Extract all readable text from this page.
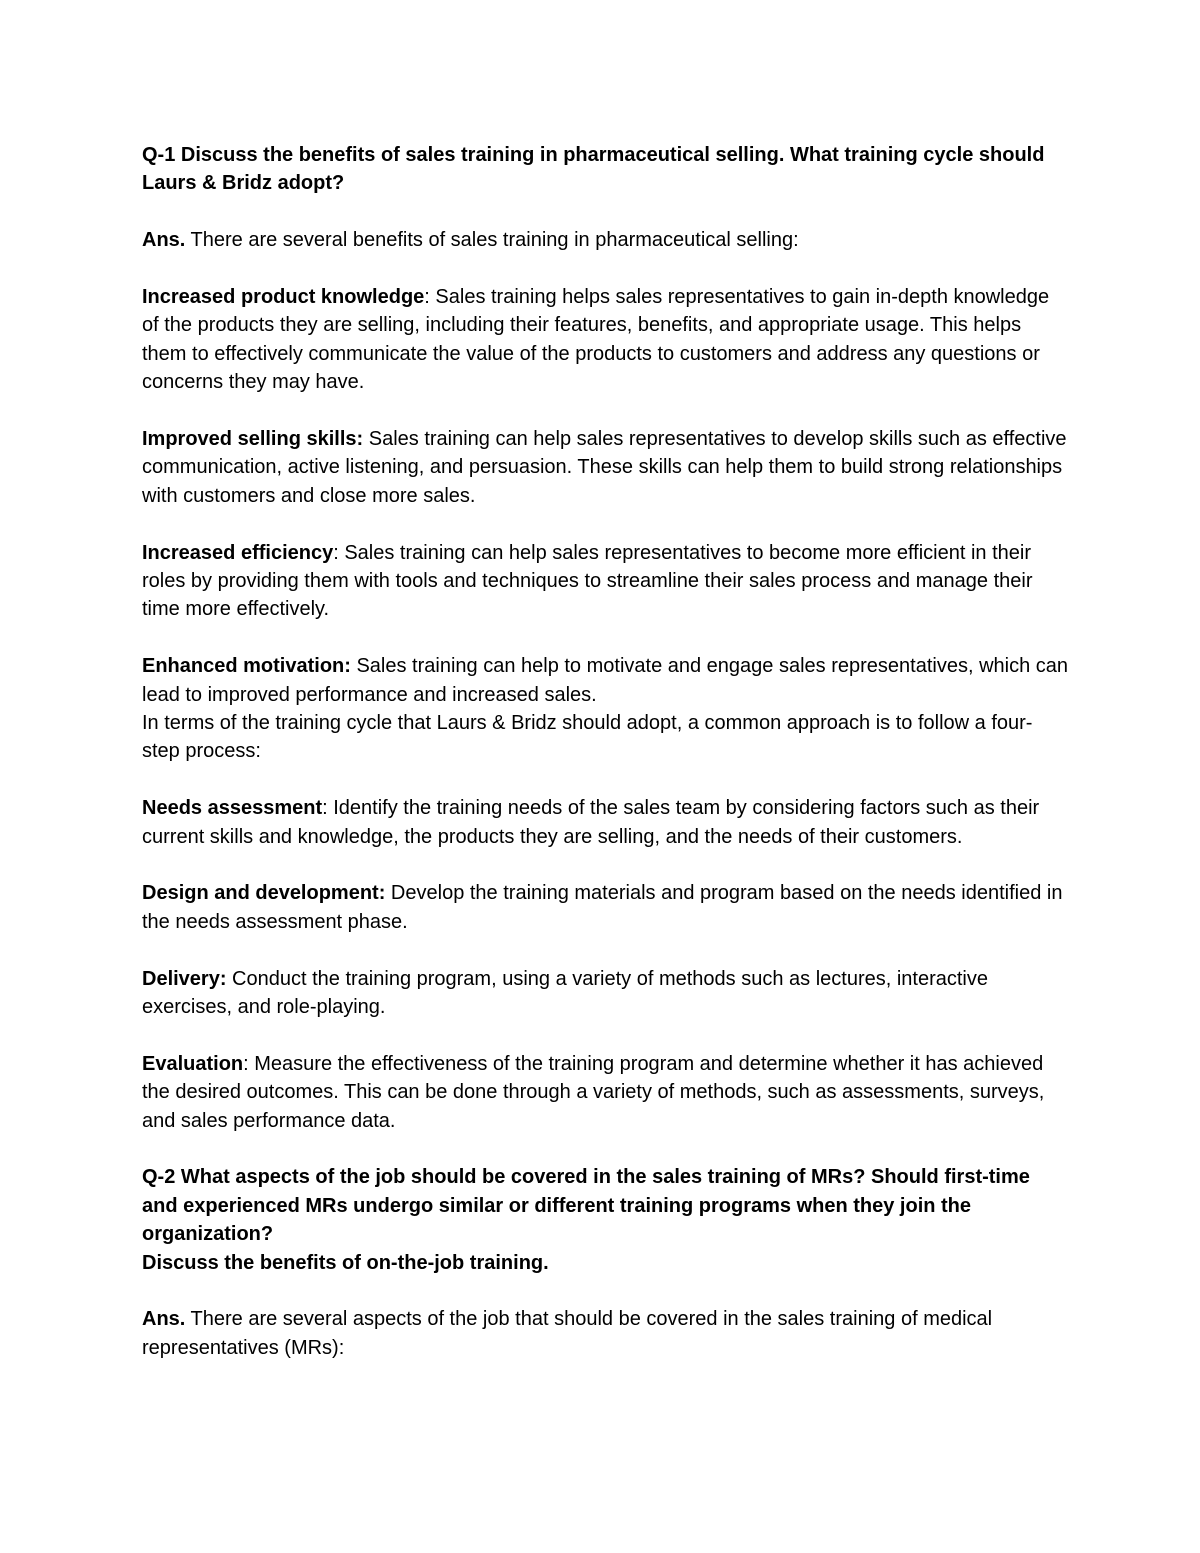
Q-1 Discuss the benefits of sales training in pharmaceutical selling. What training cycle should Laurs & Bridz adopt?

Ans. There are several benefits of sales training in pharmaceutical selling:

Increased product knowledge: Sales training helps sales representatives to gain in-depth knowledge of the products they are selling, including their features, benefits, and appropriate usage. This helps them to effectively communicate the value of the products to customers and address any questions or concerns they may have.

Improved selling skills: Sales training can help sales representatives to develop skills such as effective communication, active listening, and persuasion. These skills can help them to build strong relationships with customers and close more sales.

Increased efficiency: Sales training can help sales representatives to become more efficient in their roles by providing them with tools and techniques to streamline their sales process and manage their time more effectively.

Enhanced motivation: Sales training can help to motivate and engage sales representatives, which can lead to improved performance and increased sales.

In terms of the training cycle that Laurs & Bridz should adopt, a common approach is to follow a four-step process:

Needs assessment: Identify the training needs of the sales team by considering factors such as their current skills and knowledge, the products they are selling, and the needs of their customers.

Design and development: Develop the training materials and program based on the needs identified in the needs assessment phase.

Delivery: Conduct the training program, using a variety of methods such as lectures, interactive exercises, and role-playing.

Evaluation: Measure the effectiveness of the training program and determine whether it has achieved the desired outcomes. This can be done through a variety of methods, such as assessments, surveys, and sales performance data.

Q-2 What aspects of the job should be covered in the sales training of MRs? Should first-time and experienced MRs undergo similar or different training programs when they join the organization?

Discuss the benefits of on-the-job training.

Ans. There are several aspects of the job that should be covered in the sales training of medical representatives (MRs):
